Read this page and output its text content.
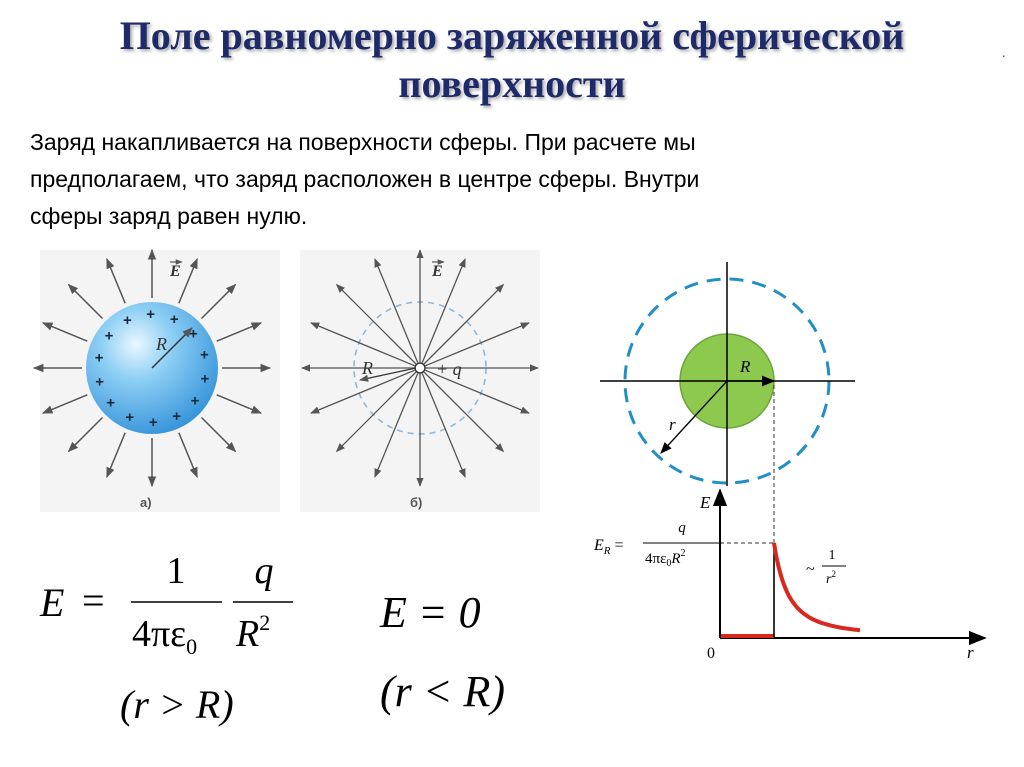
Поле равномерно заряженной сферической
поверхности
.
Заряд накапливается на поверхности сферы. При расчете мы
предполагаем, что заряд расположен в центре сферы. Внутри
сферы заряд равен нулю.
+
+
+
+
+
+
+
+
+
+ + +
+
+
R
E
а)
R	+ q
E
б)
R
r
E
r
0
$E_R$ =
q
$4\pi\varepsilon_0R^2$
~
1
$r^2$
E =
1
$4\pi\varepsilon_0$
q
$R^2$
(r > R)
E = 0
(r < R)
